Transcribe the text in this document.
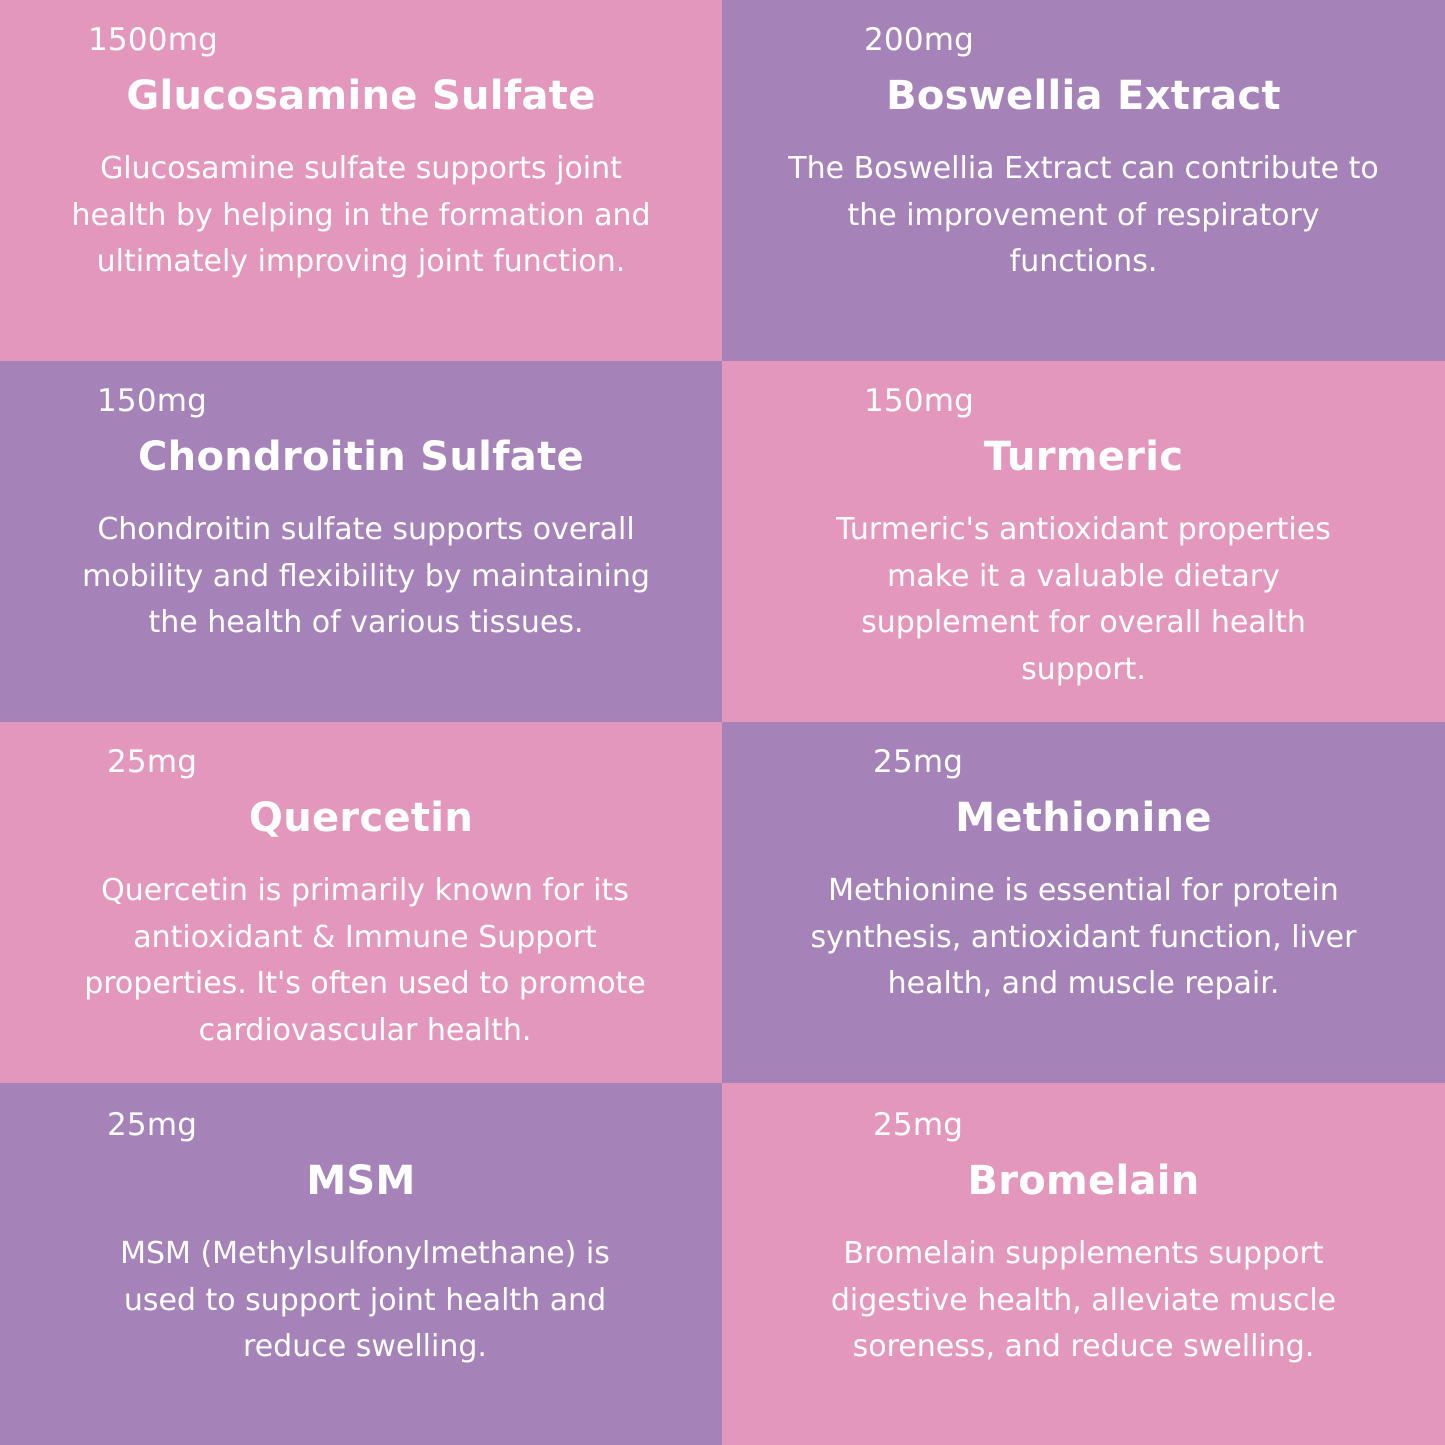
1500mg
Glucosamine Sulfate
Glucosamine sulfate supports joint health by helping in the formation and ultimately improving joint function.
200mg
Boswellia Extract
The Boswellia Extract can contribute to the improvement of respiratory functions.
150mg
Chondroitin Sulfate
Chondroitin sulfate supports overall mobility and flexibility by maintaining the health of various tissues.
150mg
Turmeric
Turmeric's antioxidant properties make it a valuable dietary supplement for overall health support.
25mg
Quercetin
Quercetin is primarily known for its antioxidant & Immune Support properties. It's often used to promote cardiovascular health.
25mg
Methionine
Methionine is essential for protein synthesis, antioxidant function, liver health, and muscle repair.
25mg
MSM
MSM (Methylsulfonylmethane) is used to support joint health and reduce swelling.
25mg
Bromelain
Bromelain supplements support digestive health, alleviate muscle soreness, and reduce swelling.
